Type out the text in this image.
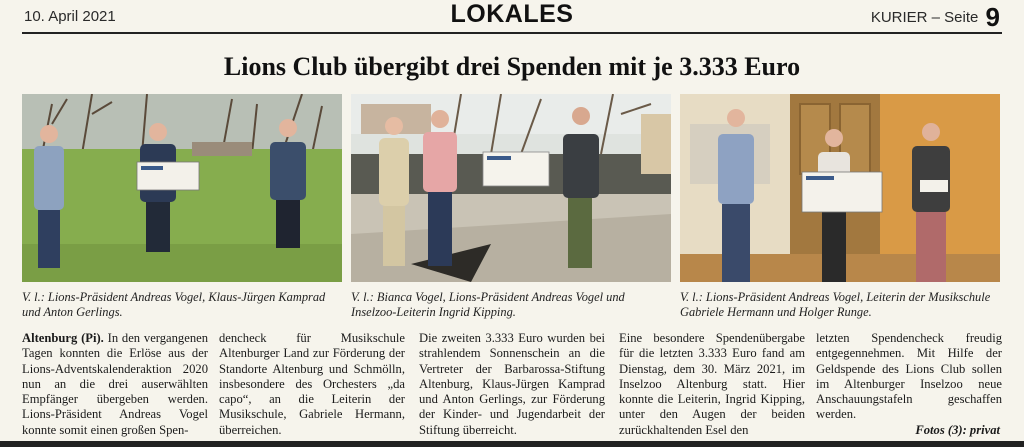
10. April 2021	LOKALES	KURIER – Seite 9
Lions Club übergibt drei Spenden mit je 3.333 Euro
V. l.: Lions-Präsident Andreas Vogel, Klaus-Jürgen Kamprad und Anton Gerlings.
V. l.: Bianca Vogel, Lions-Präsident Andreas Vogel und Inselzoo-Leiterin Ingrid Kipping.
V. l.: Lions-Präsident Andreas Vogel, Leiterin der Musikschule Gabriele Hermann und Holger Runge.
Altenburg (Pi). In den vergangenen Tagen konnten die Erlöse aus der Lions-Adventskalenderaktion 2020 nun an die drei auserwählten Empfänger übergeben werden. Lions-Präsident Andreas Vogel konnte somit einen großen Spen-
dencheck für Musikschule Altenburger Land zur Förderung der Standorte Altenburg und Schmölln, insbesondere des Orchesters „da capo“, an die Leiterin der Musikschule, Gabriele Hermann, überreichen.
Die zweiten 3.333 Euro wurden bei strahlendem Sonnenschein an die Vertreter der Barbarossa-Stiftung Altenburg, Klaus-Jürgen Kamprad und Anton Gerlings, zur Förderung der Kinder- und Jugendarbeit der Stiftung überreicht.
Eine besondere Spendenübergabe für die letzten 3.333 Euro fand am Dienstag, dem 30. März 2021, im Inselzoo Altenburg statt. Hier konnte die Leiterin, Ingrid Kipping, unter den Augen der beiden zurückhaltenden Esel den
letzten Spendencheck freudig entgegennehmen. Mit Hilfe der Geldspende des Lions Club sollen im Altenburger Inselzoo neue Anschauungstafeln geschaffen werden.
Fotos (3): privat
